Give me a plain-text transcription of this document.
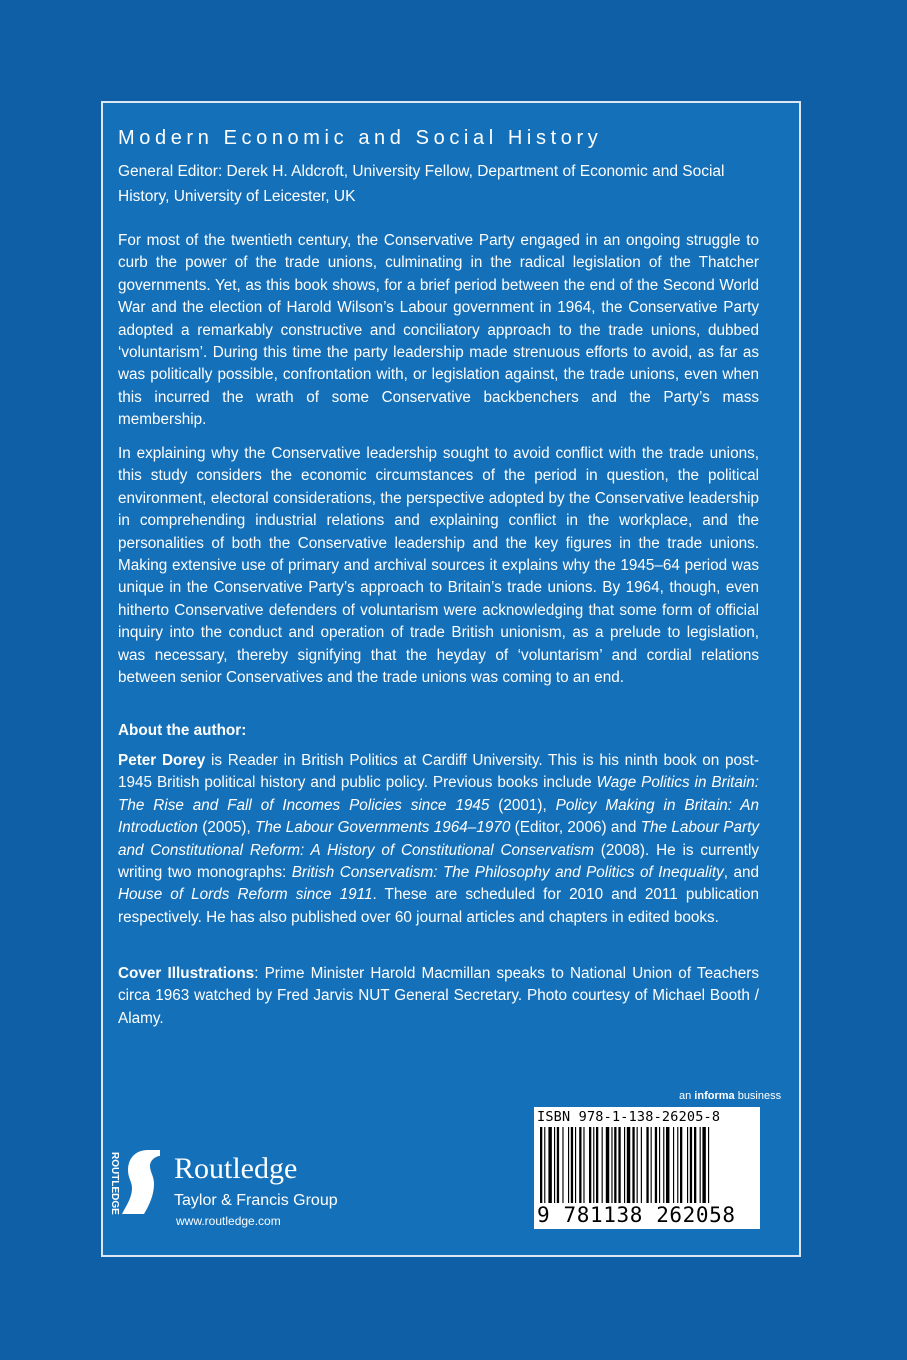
Modern Economic and Social History
General Editor: Derek H. Aldcroft, University Fellow, Department of Economic and Social History, University of Leicester, UK
For most of the twentieth century, the Conservative Party engaged in an ongoing struggle to curb the power of the trade unions, culminating in the radical legislation of the Thatcher governments. Yet, as this book shows, for a brief period between the end of the Second World War and the election of Harold Wilson’s Labour government in 1964, the Conservative Party adopted a remarkably constructive and conciliatory approach to the trade unions, dubbed ‘voluntarism’. During this time the party leadership made strenuous efforts to avoid, as far as was politically possible, confrontation with, or legislation against, the trade unions, even when this incurred the wrath of some Conservative backbenchers and the Party’s mass membership.
In explaining why the Conservative leadership sought to avoid conflict with the trade unions, this study considers the economic circumstances of the period in question, the political environment, electoral considerations, the perspective adopted by the Conservative leadership in comprehending industrial relations and explaining conflict in the workplace, and the personalities of both the Conservative leadership and the key figures in the trade unions. Making extensive use of primary and archival sources it explains why the 1945–64 period was unique in the Conservative Party’s approach to Britain’s trade unions. By 1964, though, even hitherto Conservative defenders of voluntarism were acknowledging that some form of official inquiry into the conduct and operation of trade British unionism, as a prelude to legislation, was necessary, thereby signifying that the heyday of ‘voluntarism’ and cordial relations between senior Conservatives and the trade unions was coming to an end.
About the author:
Peter Dorey is Reader in British Politics at Cardiff University. This is his ninth book on post-1945 British political history and public policy. Previous books include Wage Politics in Britain: The Rise and Fall of Incomes Policies since 1945 (2001), Policy Making in Britain: An Introduction (2005), The Labour Governments 1964–1970 (Editor, 2006) and The Labour Party and Constitutional Reform: A History of Constitutional Conservatism (2008). He is currently writing two monographs: British Conservatism: The Philosophy and Politics of Inequality, and House of Lords Reform since 1911. These are scheduled for 2010 and 2011 publication respectively. He has also published over 60 journal articles and chapters in edited books.
Cover Illustrations: Prime Minister Harold Macmillan speaks to National Union of Teachers circa 1963 watched by Fred Jarvis NUT General Secretary. Photo courtesy of Michael Booth / Alamy.
an informa business
ISBN 978-1-138-26205-8
9 781138 262058
ROUTLEDGE Routledge
Taylor & Francis Group
www.routledge.com
